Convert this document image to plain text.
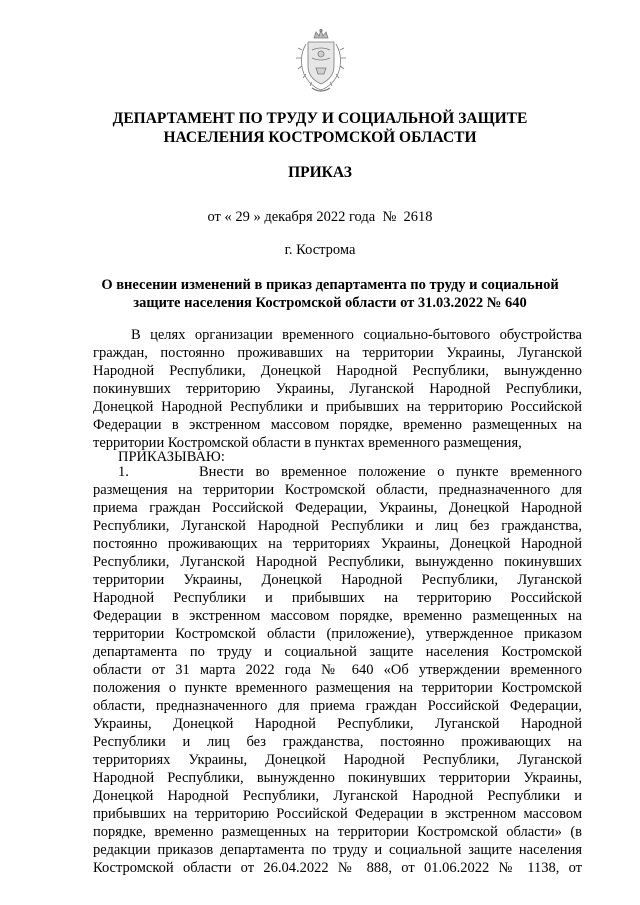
ДЕПАРТАМЕНТ ПО ТРУДУ И СОЦИАЛЬНОЙ ЗАЩИТЕ
НАСЕЛЕНИЯ КОСТРОМСКОЙ ОБЛАСТИ
ПРИКАЗ
от « 29 » декабря 2022 года  №  2618
г. Кострома
О внесении изменений в приказ департамента по труду и социальной
защите населения Костромской области от 31.03.2022 № 640
В целях организации временного социально-бытового обустройства
граждан, постоянно проживавших на территории Украины, Луганской
Народной Республики, Донецкой Народной Республики, вынужденно
покинувших территорию Украины, Луганской Народной Республики,
Донецкой Народной Республики и прибывших на территорию Российской
Федерации в экстренном массовом порядке, временно размещенных на
территории Костромской области в пунктах временного размещения,
ПРИКАЗЫВАЮ:
1.      Внести во временное положение о пункте временного
размещения на территории Костромской области, предназначенного для
приема граждан Российской Федерации, Украины, Донецкой Народной
Республики, Луганской Народной Республики и лиц без гражданства,
постоянно проживающих на территориях Украины, Донецкой Народной
Республики, Луганской Народной Республики, вынужденно покинувших
территории Украины, Донецкой Народной Республики, Луганской
Народной Республики и прибывших на территорию Российской
Федерации в экстренном массовом порядке, временно размещенных на
территории Костромской области (приложение), утвержденное приказом
департамента по труду и социальной защите населения Костромской
области от 31 марта 2022 года № 640 «Об утверждении временного
положения о пункте временного размещения на территории Костромской
области, предназначенного для приема граждан Российской Федерации,
Украины, Донецкой Народной Республики, Луганской Народной
Республики и лиц без гражданства, постоянно проживающих на
территориях Украины, Донецкой Народной Республики, Луганской
Народной Республики, вынужденно покинувших территории Украины,
Донецкой Народной Республики, Луганской Народной Республики и
прибывших на территорию Российской Федерации в экстренном массовом
порядке, временно размещенных на территории Костромской области» (в
редакции приказов департамента по труду и социальной защите населения
Костромской области от 26.04.2022 № 888, от 01.06.2022 № 1138, от
